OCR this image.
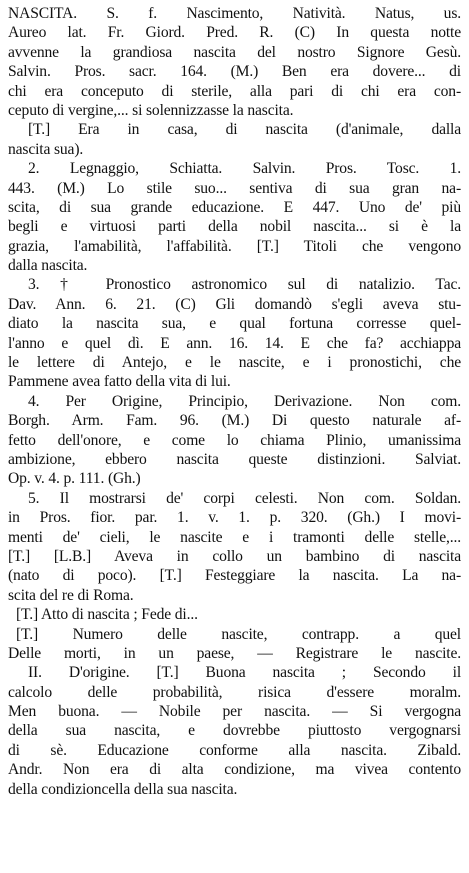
NASCITA. S. f. Nascimento, Natività. Natus, us.
Aureo lat. Fr. Giord. Pred. R. (C) In questa notte
avvenne la grandiosa nascita del nostro Signore Gesù.
Salvin. Pros. sacr. 164. (M.) Ben era dovere... di
chi era conceputo di sterile, alla pari di chi era con-
ceputo di vergine,... si solennizzasse la nascita.
[T.] Era in casa, di nascita (d'animale, dalla
nascita sua).
2. Legnaggio, Schiatta. Salvin. Pros. Tosc. 1.
443. (M.) Lo stile suo... sentiva di sua gran na-
scita, di sua grande educazione. E 447. Uno de' più
begli e virtuosi parti della nobil nascita... si è la
grazia, l'amabilità, l'affabilità. [T.] Titoli che vengono
dalla nascita.
3. † Pronostico astronomico sul di natalizio. Tac.
Dav. Ann. 6. 21. (C) Gli domandò s'egli aveva stu-
diato la nascita sua, e qual fortuna corresse quel-
l'anno e quel dì. E ann. 16. 14. E che fa? acchiappa
le lettere di Antejo, e le nascite, e i pronostichi, che
Pammene avea fatto della vita di lui.
4. Per Origine, Principio, Derivazione. Non com.
Borgh. Arm. Fam. 96. (M.) Di questo naturale af-
fetto dell'onore, e come lo chiama Plinio, umanissima
ambizione, ebbero nascita queste distinzioni. Salviat.
Op. v. 4. p. 111. (Gh.)
5. Il mostrarsi de' corpi celesti. Non com. Soldan.
in Pros. fior. par. 1. v. 1. p. 320. (Gh.) I movi-
menti de' cieli, le nascite e i tramonti delle stelle,...
[T.] [L.B.] Aveva in collo un bambino di nascita
(nato di poco). [T.] Festeggiare la nascita. La na-
scita del re di Roma.
[T.] Atto di nascita ; Fede di...
[T.] Numero delle nascite, contrapp. a quel
Delle morti, in un paese, — Registrare le nascite.
II. D'origine. [T.] Buona nascita ; Secondo il
calcolo delle probabilità, risica d'essere moralm.
Men buona. — Nobile per nascita. — Si vergogna
della sua nascita, e dovrebbe piuttosto vergognarsi
di sè. Educazione conforme alla nascita. Zibald.
Andr. Non era di alta condizione, ma vivea contento
della condizioncella della sua nascita.
